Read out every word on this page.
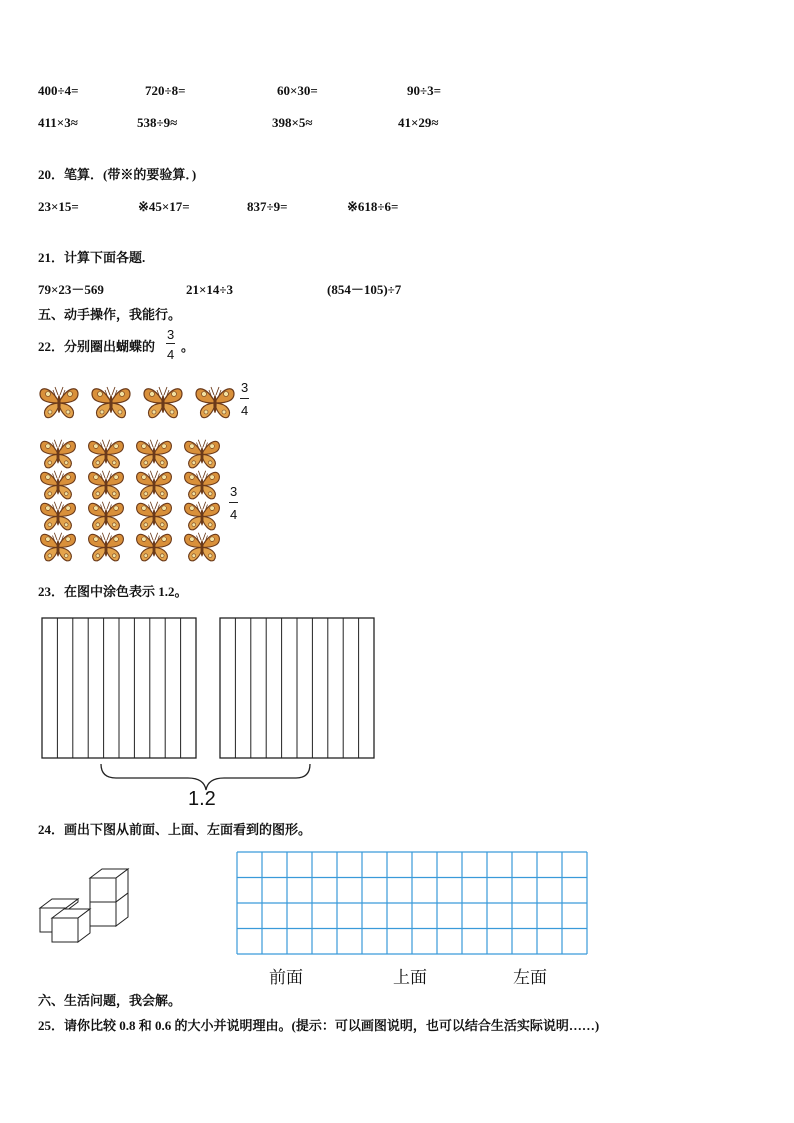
400÷4=	720÷8=	60×30=	90÷3=
411×3≈	538÷9≈	398×5≈	41×29≈
20．笔算．(带※的要验算．)
23×15=	※45×17=	837÷9=	※618÷6=
21．计算下面各题.
79×23－569	21×14÷3	(854－105)÷7
五、动手操作，我能行。
22．分别圈出蝴蝶的
3
4
。
3
4
3
4
23．在图中涂色表示 1.2。
1.2
24．画出下图从前面、上面、左面看到的图形。
前面	上面	左面
六、生活问题，我会解。
25．请你比较 0.8 和 0.6 的大小并说明理由。(提示：可以画图说明，也可以结合生活实际说明……)
